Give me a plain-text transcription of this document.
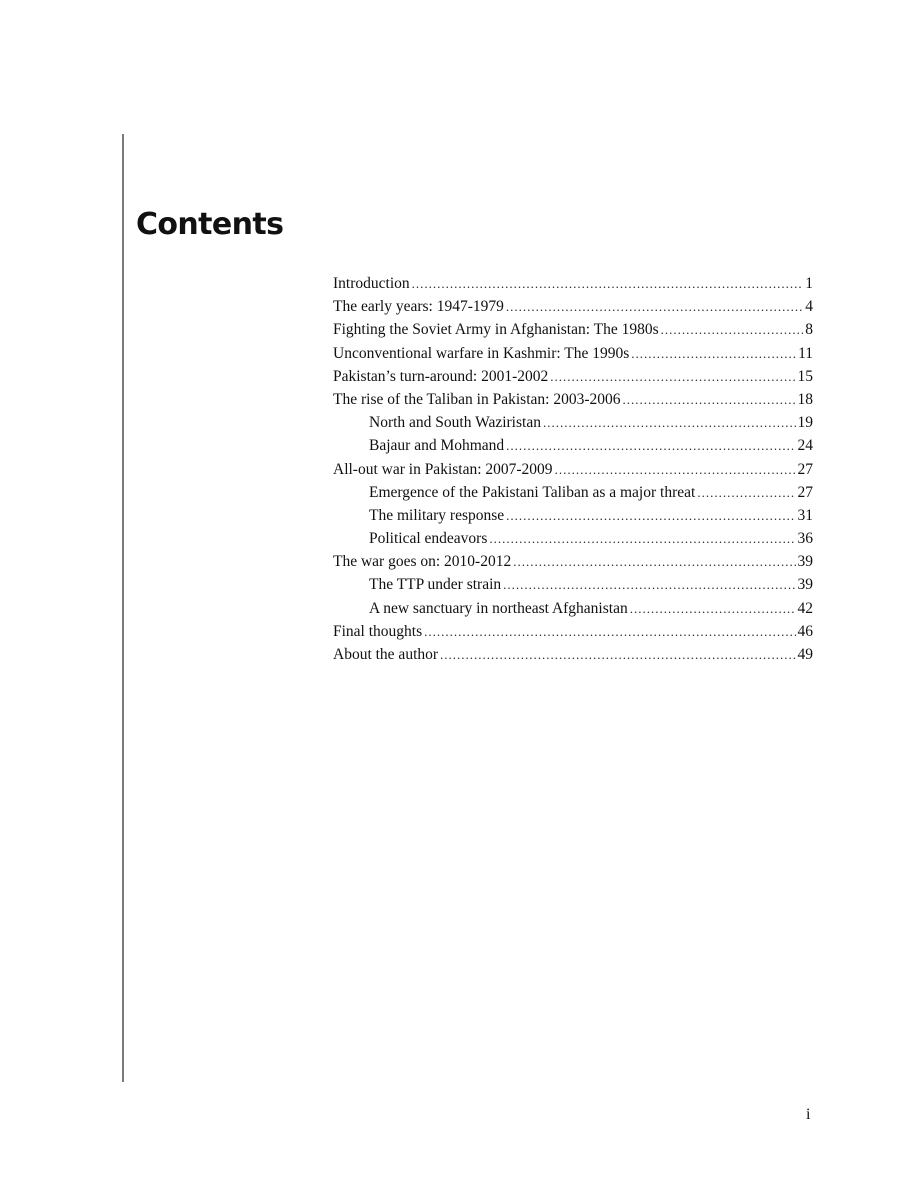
Contents
Introduction .....	1
The early years: 1947-1979 .....	4
Fighting the Soviet Army in Afghanistan: The 1980s .....	8
Unconventional warfare in Kashmir: The 1990s .....	11
Pakistan’s turn-around: 2001-2002 .....	15
The rise of the Taliban in Pakistan: 2003-2006 .....	18
North and South Waziristan .....	19
Bajaur and Mohmand .....	24
All-out war in Pakistan: 2007-2009 .....	27
Emergence of the Pakistani Taliban as a major threat .....	27
The military response .....	31
Political endeavors .....	36
The war goes on: 2010-2012 .....	39
The TTP under strain .....	39
A new sanctuary in northeast Afghanistan .....	42
Final thoughts .....	46
About the author .....	49
i
